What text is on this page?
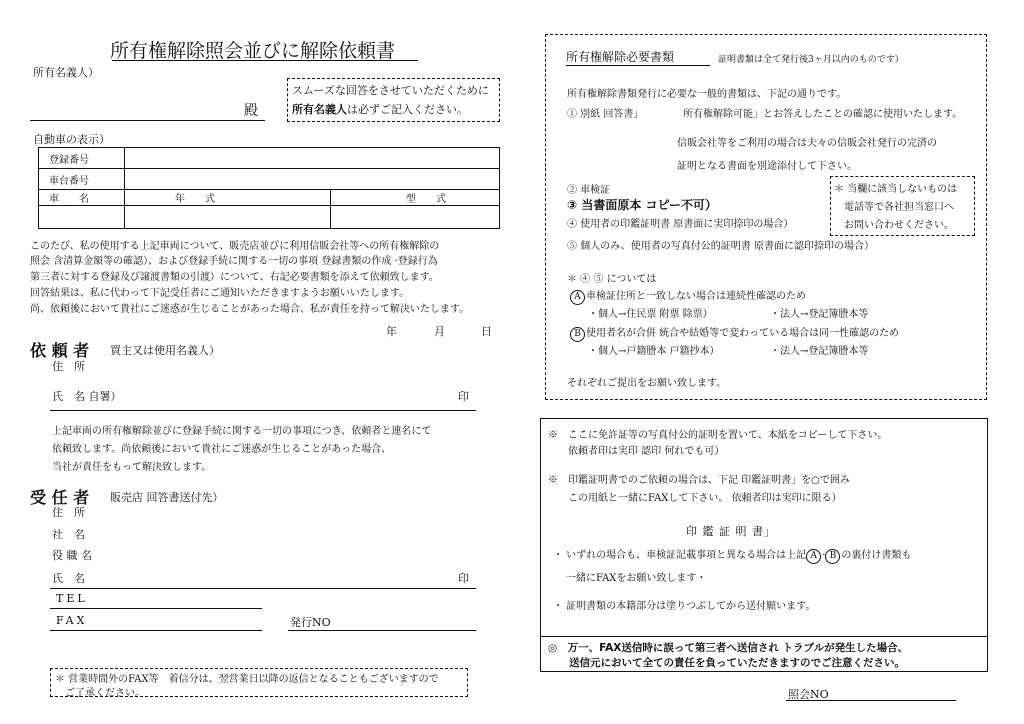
所有権解除照会並びに解除依頼書
所有名義人）
スムーズな回答をさせていただくために
所有名義人は必ずご記入ください。
殿
自動車の表示）
登録番号		
車台番号		
車　　名	年　　式	型　　式

このたび、私の使用する上記車両について、販売店並びに利用信販会社等への所有権解除の
照会 含清算金額等の確認）、および登録手続に関する一切の事項 登録書類の作成 ·登録行為
第三者に対する登録及び譲渡書類の引渡）について、右記必要書類を添えて依頼致します。
回答結果は、私に代わって下記受任者にご通知いただきますようお願いいたします。
尚、依頼後において貴社にご迷惑が生じることがあった場合、私が責任を持って解決いたします。
年	月	日
依 頼 者 買主又は使用名義人）
住　所
氏　名 自署）	印
上記車両の所有権解除並びに登録手続に関する一切の事項につき、依頼者と連名にて
依頼致します。尚依頼後において貴社にご迷惑が生じることがあった場合、
当社が責任をもって解決致します。
受 任 者 販売店 回答書送付先）
住　所
社　名
役 職 名
氏　名	印
TEL
FAX	発行NO
＊ 営業時間外のFAX等　着信分は、翌営業日以降の返信となることもございますので
　ご了承ください。
所有権解除必要書類	証明書類は全て発行後3ヶ月以内のものです）
所有権解除書類発行に必要な一般的書類は、下記の通りです。
① 別紙 回答書」	所有権解除可能」とお答えしたことの確認に使用いたします。
信販会社等をご利用の場合は夫々の信販会社発行の完済の
証明となる書面を別途添付して下さい。
② 車検証
③ 当書面原本 コピー不可）
④ 使用者の印鑑証明書 原書面に実印捺印の場合）
⑤ 個人のみ、使用者の写真付公的証明書 原書面に認印捺印の場合）
＊ 当欄に該当しないものは
　電話等で各社担当窓口へ
　お問い合わせください。
＊ ④ ⑤ については
A 車検証住所と一致しない場合は連続性確認のため
・個人→住民票 附票 除票）	・法人→登記簿謄本等
B 使用者名が合併 統合や結婚等で変わっている場合は同一性確認のため
・個人→戸籍謄本 戸籍抄本）	・法人→登記簿謄本等
それぞれご提出をお願い致します。
※　ここに免許証等の写真付公的証明を置いて、本紙をコピーして下さい。
　　依頼者印は実印 認印 何れでも可）
※　印鑑証明書でのご依頼の場合は、下記 印鑑証明書」を○で囲み
　　この用紙と一緒にFAXして下さい。 依頼者印は実印に限る）
印 鑑 証 明 書」
・ いずれの場合も、車検証記載事項と異なる場合は上記 A · B の裏付け書類も
一緒にFAXをお願い致します・
・ 証明書類の本籍部分は塗りつぶしてから送付願います。
◎　万一、FAX送信時に誤って第三者へ送信され トラブルが発生した場合、
　　送信元において全ての責任を負っていただきますのでご注意ください。
照会NO
